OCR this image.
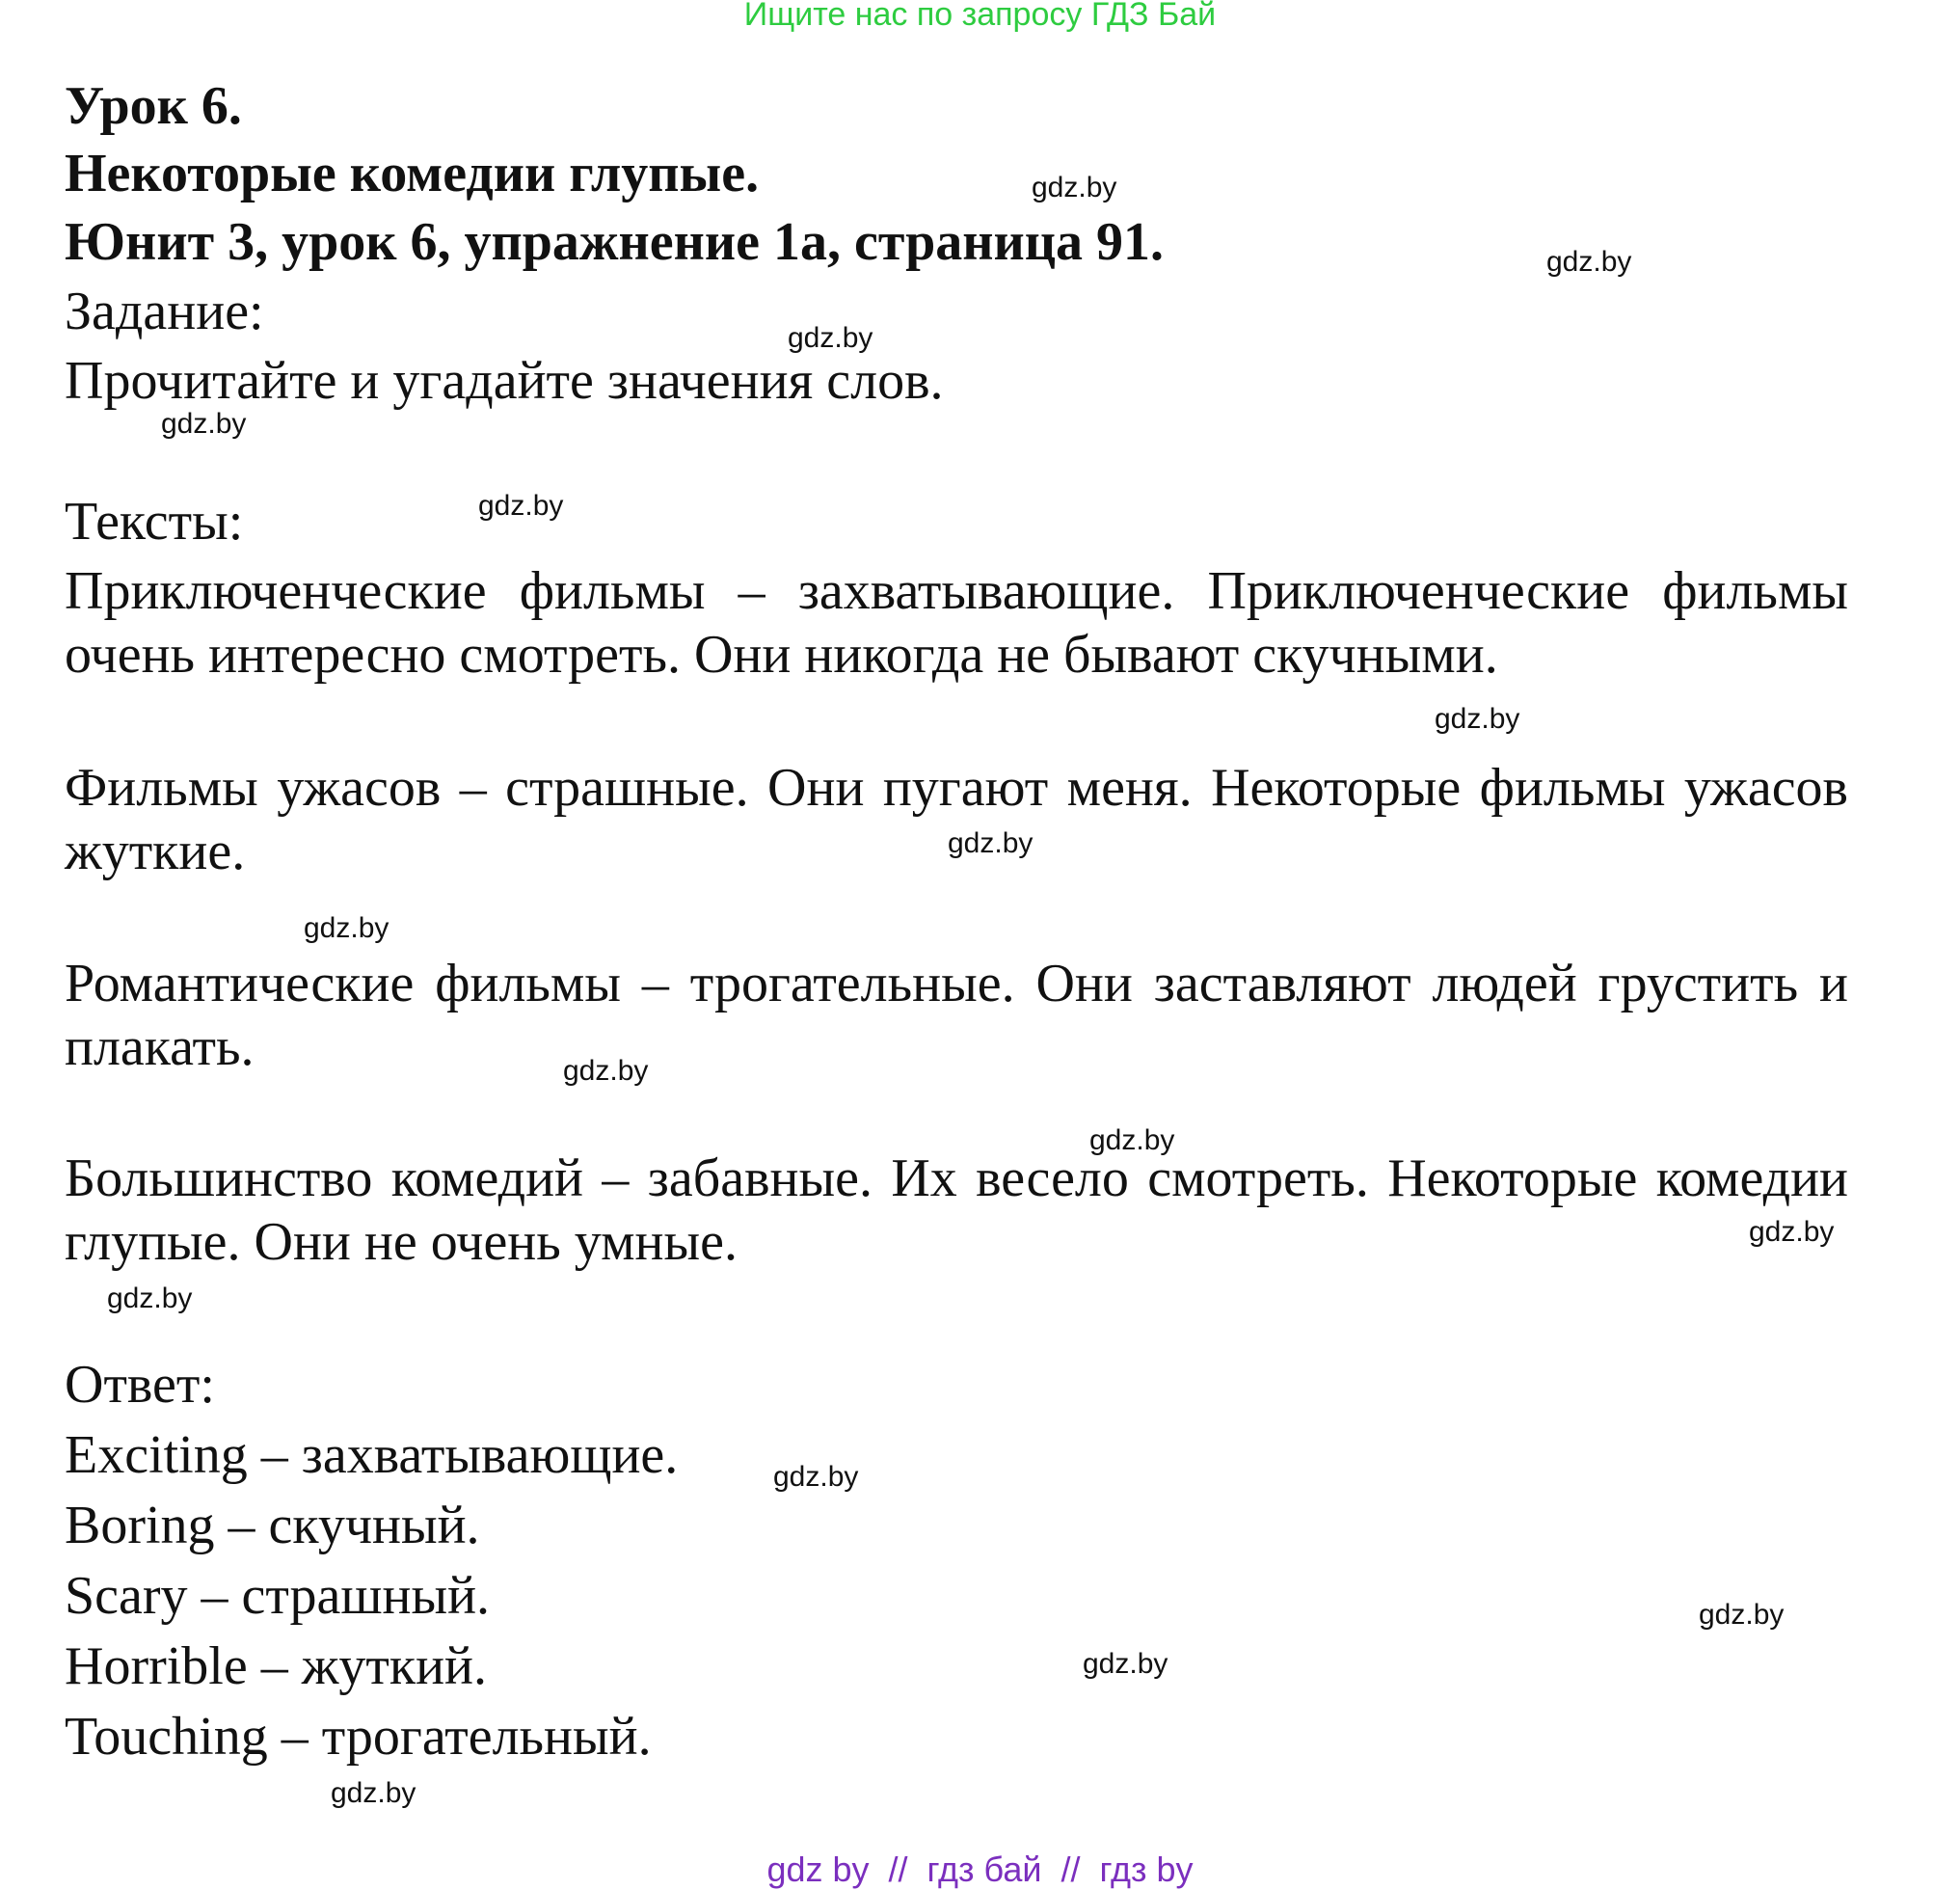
Ищите нас по запросу ГДЗ Бай
Урок 6.
Некоторые комедии глупые.
Юнит 3, урок 6, упражнение 1а, страница 91.
Задание:
Прочитайте и угадайте значения слов.
Тексты:
Приключенческие фильмы – захватывающие. Приключенческие фильмы очень интересно смотреть. Они никогда не бывают скучными.
Фильмы ужасов – страшные. Они пугают меня. Некоторые фильмы ужасов жуткие.
Романтические фильмы – трогательные. Они заставляют людей грустить и плакать.
Большинство комедий – забавные. Их весело смотреть. Некоторые комедии глупые. Они не очень умные.
Ответ:
Exciting – захватывающие.
Boring – скучный.
Scary – страшный.
Horrible – жуткий.
Touching – трогательный.
gdz.by
gdz.by
gdz.by
gdz.by
gdz.by
gdz.by
gdz.by
gdz.by
gdz.by
gdz.by
gdz.by
gdz.by
gdz.by
gdz.by
gdz.by
gdz.by
gdz by  //  гдз бай  //  гдз by
